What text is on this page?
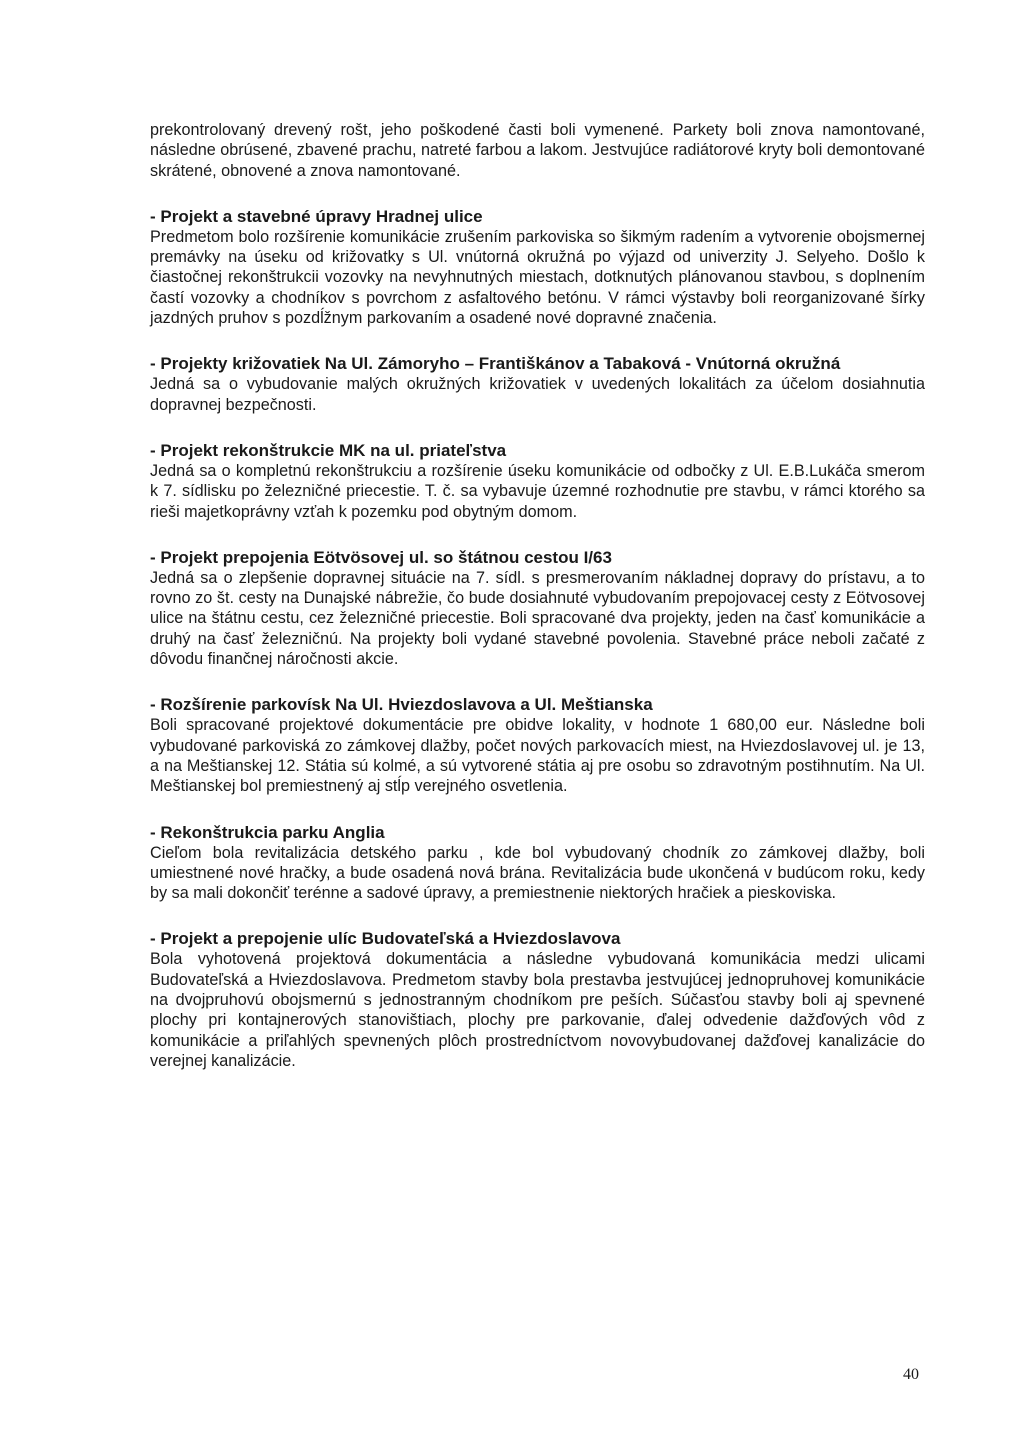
prekontrolovaný drevený rošt, jeho poškodené časti boli vymenené. Parkety boli znova namontované, následne obrúsené, zbavené prachu, natreté farbou a lakom. Jestvujúce radiátorové kryty boli demontované skrátené, obnovené a znova namontované.

- Projekt a stavebné úpravy Hradnej ulice

Predmetom bolo rozšírenie komunikácie zrušením parkoviska so šikmým radením a vytvorenie obojsmernej premávky na úseku od križovatky s Ul. vnútorná okružná po výjazd od univerzity J. Selyeho. Došlo k čiastočnej rekonštrukcii vozovky na nevyhnutných miestach, dotknutých plánovanou stavbou, s doplnením častí vozovky a chodníkov s povrchom z asfaltového betónu. V rámci výstavby boli reorganizované šírky jazdných pruhov s pozdĺžnym parkovaním a osadené nové dopravné značenia.

- Projekty križovatiek Na Ul. Zámoryho – Františkánov a Tabaková - Vnútorná okružná

Jedná sa o vybudovanie malých okružných križovatiek v uvedených lokalitách za účelom dosiahnutia dopravnej bezpečnosti.

- Projekt rekonštrukcie MK na ul. priateľstva

Jedná sa o kompletnú rekonštrukciu a rozšírenie úseku komunikácie od odbočky z Ul. E.B.Lukáča smerom k 7. sídlisku po železničné priecestie. T. č. sa vybavuje územné rozhodnutie pre stavbu, v rámci ktorého sa rieši majetkoprávny vzťah k pozemku pod obytným domom.

- Projekt prepojenia Eötvösovej ul. so štátnou cestou I/63

Jedná sa o zlepšenie dopravnej situácie na 7. sídl. s presmerovaním nákladnej dopravy do prístavu, a to rovno zo št. cesty na Dunajské nábrežie, čo bude dosiahnuté vybudovaním prepojovacej cesty z Eötvosovej ulice na štátnu cestu, cez železničné priecestie. Boli spracované dva projekty, jeden na časť komunikácie a druhý na časť železničnú. Na projekty boli vydané stavebné povolenia. Stavebné práce neboli začaté z dôvodu finančnej náročnosti akcie.

- Rozšírenie parkovísk Na Ul. Hviezdoslavova a Ul. Meštianska

Boli spracované projektové dokumentácie pre obidve lokality, v hodnote 1 680,00 eur. Následne boli vybudované parkoviská zo zámkovej dlažby, počet nových parkovacích miest, na Hviezdoslavovej ul. je 13, a na Meštianskej 12. Státia sú kolmé, a sú vytvorené státia aj pre osobu so zdravotným postihnutím. Na Ul. Meštianskej bol premiestnený aj stĺp verejného osvetlenia.

- Rekonštrukcia parku Anglia

Cieľom bola revitalizácia detského parku , kde bol vybudovaný chodník zo zámkovej dlažby, boli umiestnené nové hračky, a bude osadená nová brána. Revitalizácia bude ukončená v budúcom roku, kedy by sa mali dokončiť terénne a sadové úpravy, a premiestnenie niektorých hračiek a pieskoviska.

- Projekt a prepojenie ulíc Budovateľská a Hviezdoslavova

Bola vyhotovená projektová dokumentácia a následne vybudovaná komunikácia medzi ulicami Budovateľská a Hviezdoslavova. Predmetom stavby bola prestavba jestvujúcej jednopruhovej komunikácie na dvojpruhovú obojsmernú s jednostranným chodníkom pre peších. Súčasťou stavby boli aj spevnené plochy pri kontajnerových stanovištiach, plochy pre parkovanie, ďalej odvedenie dažďových vôd z komunikácie a priľahlých spevnených plôch prostredníctvom novovybudovanej dažďovej kanalizácie do verejnej kanalizácie.

40
